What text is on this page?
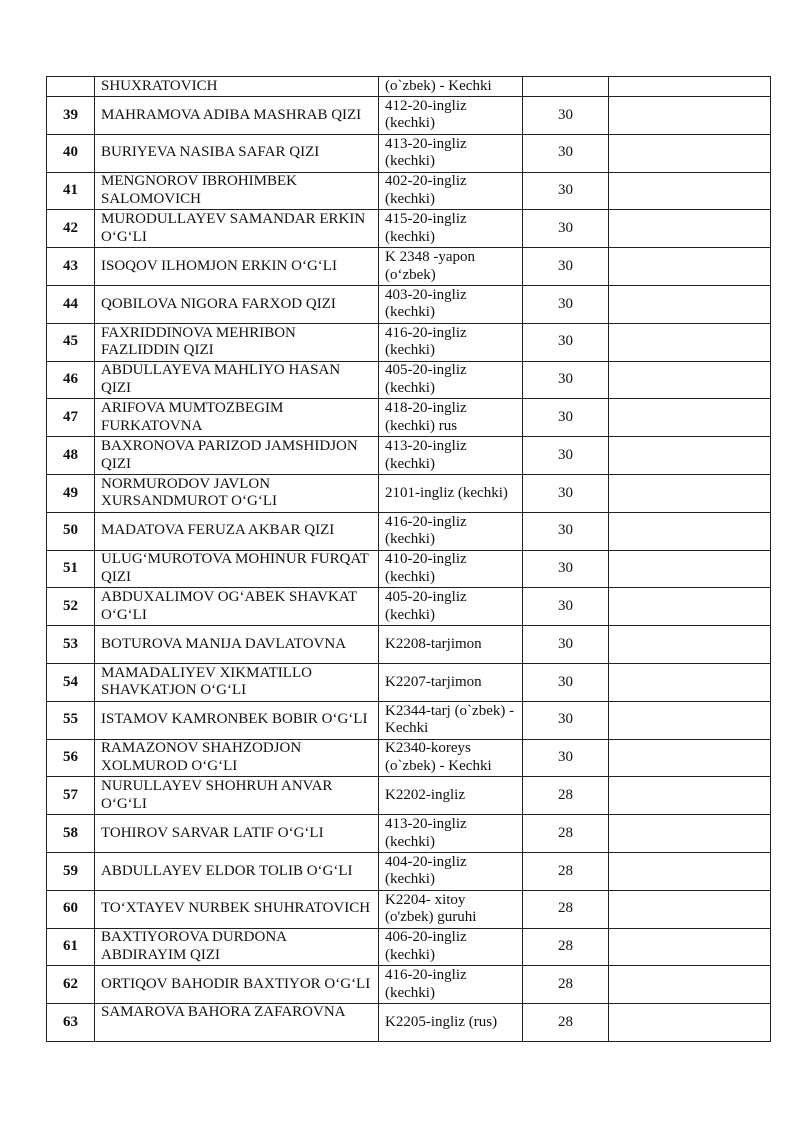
	SHUXRATOVICH	(o`zbek) - Kechki		
39	MAHRAMOVA ADIBA MASHRAB QIZI	412-20-ingliz (kechki)	30	
40	BURIYEVA NASIBA SAFAR QIZI	413-20-ingliz (kechki)	30	
41	MENGNOROV IBROHIMBEK SALOMOVICH	402-20-ingliz (kechki)	30	
42	MURODULLAYEV SAMANDAR ERKIN O‘G‘LI	415-20-ingliz (kechki)	30	
43	ISOQOV ILHOMJON ERKIN O‘G‘LI	K 2348 -yapon (o‘zbek)	30	
44	QOBILOVA NIGORA FARXOD QIZI	403-20-ingliz (kechki)	30	
45	FAXRIDDINOVA MEHRIBON FAZLIDDIN QIZI	416-20-ingliz (kechki)	30	
46	ABDULLAYEVA MAHLIYO HASAN QIZI	405-20-ingliz (kechki)	30	
47	ARIFOVA MUMTOZBEGIM FURKATOVNA	418-20-ingliz (kechki) rus	30	
48	BAXRONOVA PARIZOD JAMSHIDJON QIZI	413-20-ingliz (kechki)	30	
49	NORMURODOV JAVLON XURSANDMUROT O‘G‘LI	2101-ingliz (kechki)	30	
50	MADATOVA FERUZA AKBAR QIZI	416-20-ingliz (kechki)	30	
51	ULUG‘MUROTOVA MOHINUR FURQAT QIZI	410-20-ingliz (kechki)	30	
52	ABDUXALIMOV OG‘ABEK SHAVKAT O‘G‘LI	405-20-ingliz (kechki)	30	
53	BOTUROVA MANIJA DAVLATOVNA	K2208-tarjimon	30	
54	MAMADALIYEV XIKMATILLO SHAVKATJON O‘G‘LI	K2207-tarjimon	30	
55	ISTAMOV KAMRONBEK BOBIR O‘G‘LI	K2344-tarj (o`zbek) - Kechki	30	
56	RAMAZONOV SHAHZODJON XOLMUROD O‘G‘LI	K2340-koreys (o`zbek) - Kechki	30	
57	NURULLAYEV SHOHRUH ANVAR O‘G‘LI	K2202-ingliz	28	
58	TOHIROV SARVAR LATIF O‘G‘LI	413-20-ingliz (kechki)	28	
59	ABDULLAYEV ELDOR TOLIB O‘G‘LI	404-20-ingliz (kechki)	28	
60	TO‘XTAYEV NURBEK SHUHRATOVICH	K2204- xitoy (o'zbek) guruhi	28	
61	BAXTIYOROVA DURDONA ABDIRAYIM QIZI	406-20-ingliz (kechki)	28	
62	ORTIQOV BAHODIR BAXTIYOR O‘G‘LI	416-20-ingliz (kechki)	28	
63	SAMAROVA BAHORA ZAFAROVNA	K2205-ingliz (rus)	28	
